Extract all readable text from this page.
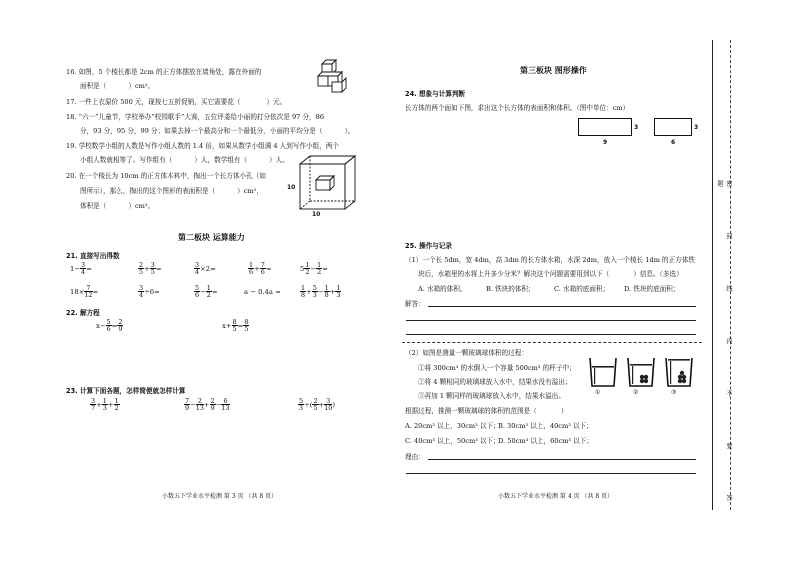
16. 如图，5 个棱长都是 2cm 的正方体摆放在墙角处，露在外面的
面积是（	）cm²。
17. 一件上衣原价 500 元，现按七五折促销，买它需要花（	）元。
18. “六一”儿童节，学校举办“校园歌手”大赛，五位评委给小丽的打分依次是 97 分，86
分，93 分，95 分，99 分；如果去掉一个最高分和一个最低分，小丽的平均分是（	）。
19. 学校数学小组的人数是写作小组人数的 1.4 倍，如果从数学小组调 4 人到写作小组，两个
小组人数就相等了。写作组有（	）人，数学组有（	）人。
20. 在一个棱长为 10cm 的正方体木料中，掏出一个长方体小孔（如
图所示），那么，掏出的这个图形的表面积是（	）cm²，
体积是（	）cm³。
10
10
第二板块 运算能力
21. 直接写出得数
$1- \frac{3}{4}$ =	$\frac{2}{5} + \frac{3}{5}$ =	$\frac{3}{4} \times 2=$	$\frac{1}{6} + \frac{7}{6}$ =	$5 \frac{1}{2} - \frac{1}{2}$ =
$18\times \frac{7}{12}$ =	$\frac{3}{4} \div 6=$	$\frac{5}{6} - \frac{1}{2}$ =	a − 0.4a =	$\frac{1}{8} + \frac{5}{3} - \frac{1}{8} + \frac{1}{3}$
22. 解方程
$x- \frac{5}{6} = \frac{2}{9}$	$x+ \frac{8}{5} = \frac{8}{5}$
23. 计算下面各题，怎样简便就怎样计算
$\frac{3}{7} + \frac{1}{3} + \frac{1}{2}$	$\frac{7}{9} - \frac{2}{13} + \frac{2}{9} - \frac{6}{13}$	$\frac{5}{3}$ ÷( $\frac{2}{5} + \frac{3}{10}$ )
小数五下学业水平检测 第 3 页 （共 8 页）
第三板块 图形操作
24. 想象与计算判断
长方体的两个面如下图，求出这个长方体的表面积和体积。（图中单位：cm）
3
9
3
6
25. 操作与记录
（1）一个长 5dm，宽 4dm，高 3dm 的长方体水箱，水深 2dm，放入一个棱长 1dm 的正方体铁
块后，水箱里的水将上升多少分米？解决这个问题需要用到以下（	）信息。（多选）
A. 水箱的体积。	B. 铁块的体积；	C. 水箱的底面积； D. 铁块的底面积；
解答：
（2）如图是测量一颗玻璃球体积的过程：
①将 300cm³ 的水倒入一个容量 500cm³ 的杯子中；
②将 4 颗相同的玻璃球放入水中，结果水没有溢出；
③再加 1 颗同样的玻璃球放入水中，结果水溢出。	①	②	③
根据过程，推测一颗玻璃球的体积的范围是（	）
A. 20cm³ 以上，30cm³ 以下；
B. 30cm³ 以上，40cm³ 以下；
C. 40cm³ 以上，50cm³ 以下；
D. 50cm³ 以上，60cm³ 以下；
理由：
小数五下学业水平检测 第 4 页 （共 8 页）	密 封 线 内 不 要 答 题
